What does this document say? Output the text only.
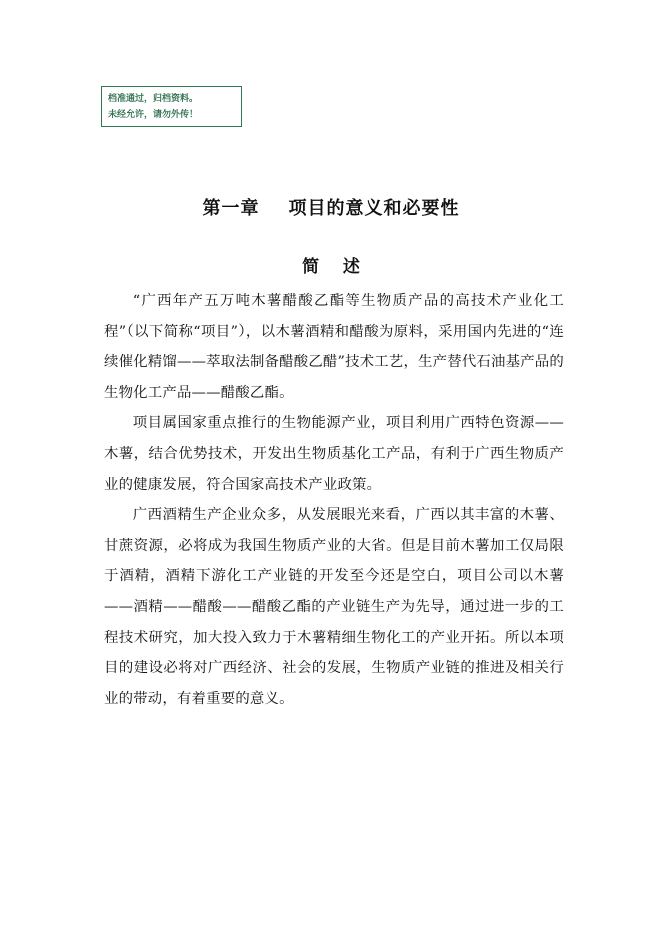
档准通过，归档资料。
未经允许，请勿外传！
第一章    项目的意义和必要性
简    述

“广西年产五万吨木薯醋酸乙酯等生物质产品的高技术产业化工程”（以下简称“项目”），以木薯酒精和醋酸为原料，采用国内先进的“连续催化精馏——萃取法制备醋酸乙醋”技术工艺，生产替代石油基产品的生物化工产品——醋酸乙酯。

项目属国家重点推行的生物能源产业，项目利用广西特色资源——木薯，结合优势技术，开发出生物质基化工产品，有利于广西生物质产业的健康发展，符合国家高技术产业政策。

广西酒精生产企业众多，从发展眼光来看，广西以其丰富的木薯、甘蔗资源，必将成为我国生物质产业的大省。但是目前木薯加工仅局限于酒精，酒精下游化工产业链的开发至今还是空白，项目公司以木薯——酒精——醋酸——醋酸乙酯的产业链生产为先导，通过进一步的工程技术研究，加大投入致力于木薯精细生物化工的产业开拓。所以本项目的建设必将对广西经济、社会的发展，生物质产业链的推进及相关行业的带动，有着重要的意义。
